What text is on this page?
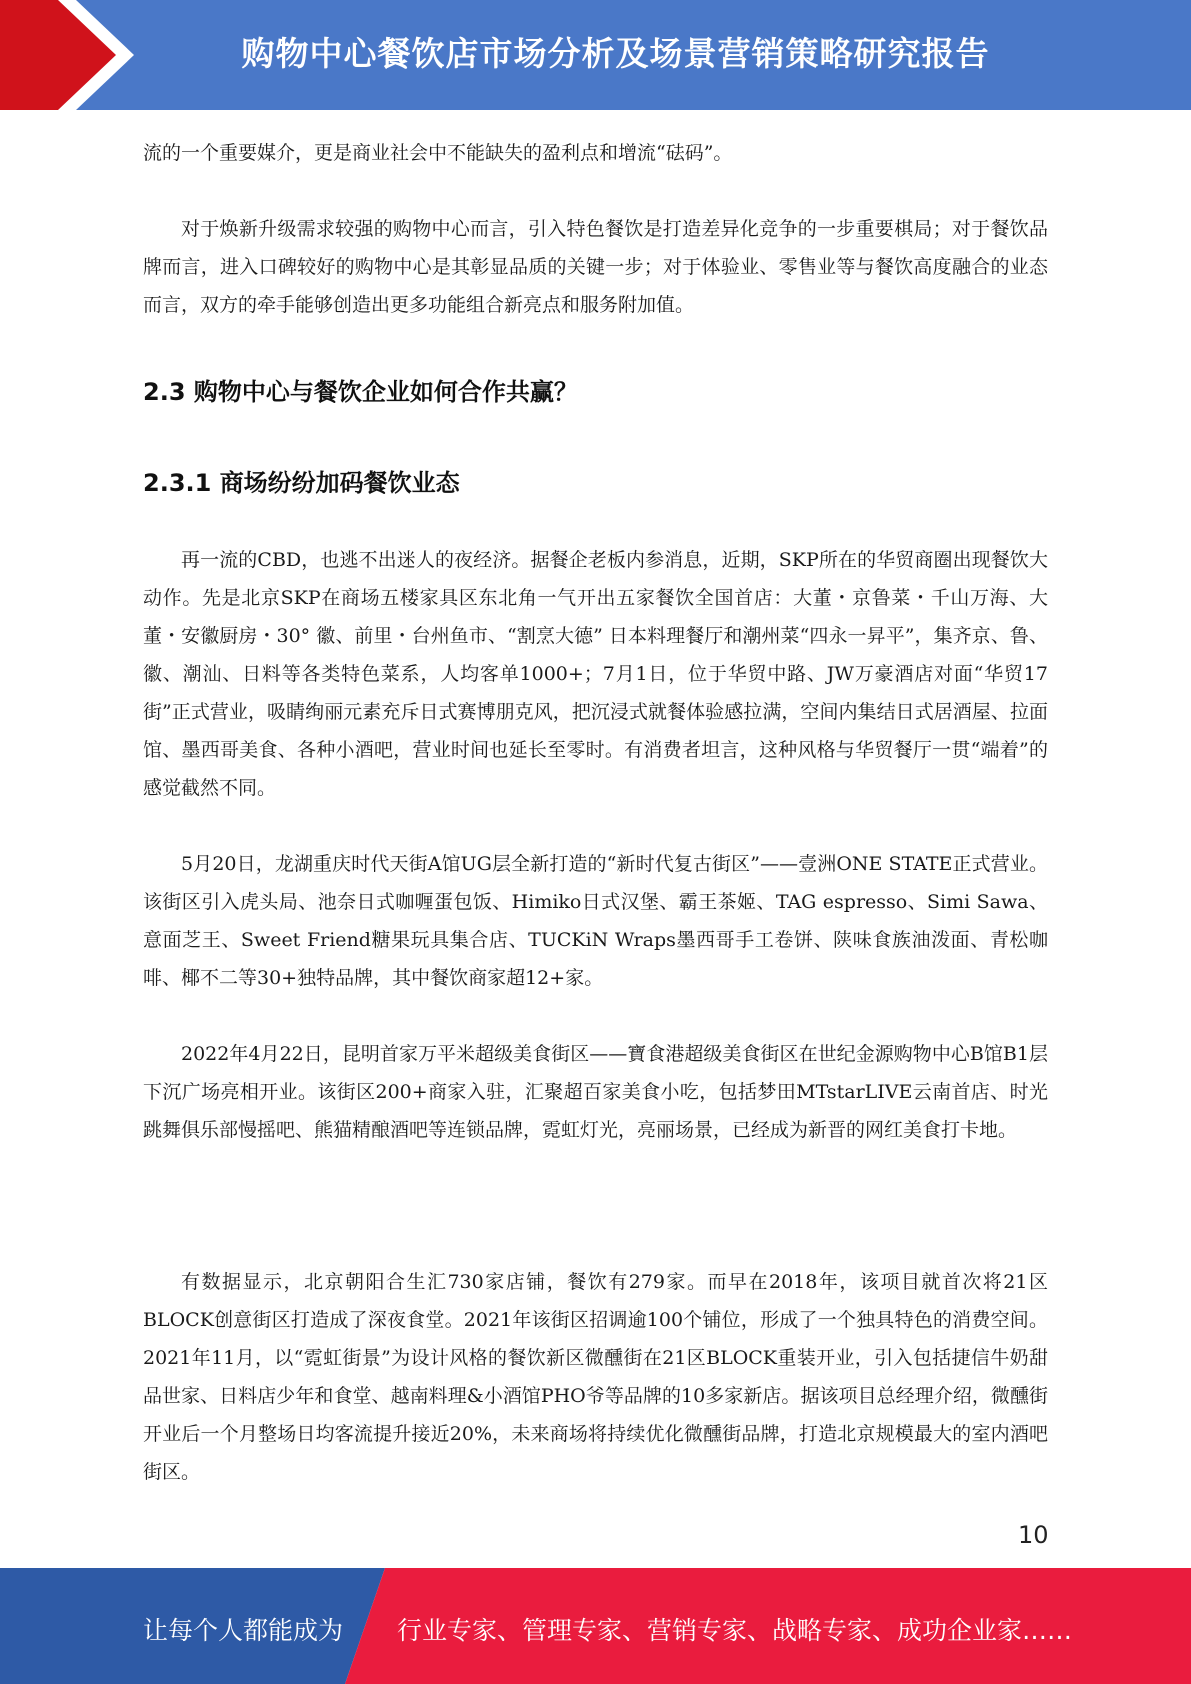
购物中心餐饮店市场分析及场景营销策略研究报告

流的一个重要媒介，更是商业社会中不能缺失的盈利点和增流“砝码”。

对于焕新升级需求较强的购物中心而言，引入特色餐饮是打造差异化竞争的一步重要棋局；对于餐饮品牌而言，进入口碑较好的购物中心是其彰显品质的关键一步；对于体验业、零售业等与餐饮高度融合的业态而言，双方的牵手能够创造出更多功能组合新亮点和服务附加值。

2.3 购物中心与餐饮企业如何合作共赢？
2.3.1 商场纷纷加码餐饮业态

再一流的CBD，也逃不出迷人的夜经济。据餐企老板内参消息，近期，SKP所在的华贸商圈出现餐饮大动作。先是北京SKP在商场五楼家具区东北角一气开出五家餐饮全国首店：大董・京鲁菜・千山万海、大董・安徽厨房・30° 徽、前里・台州鱼市、“割烹大德” 日本料理餐厅和潮州菜“四永一昇平”，集齐京、鲁、徽、潮汕、日料等各类特色菜系，人均客单1000+；7月1日，位于华贸中路、JW万豪酒店对面“华贸17街”正式营业，吸睛绚丽元素充斥日式赛博朋克风，把沉浸式就餐体验感拉满，空间内集结日式居酒屋、拉面馆、墨西哥美食、各种小酒吧，营业时间也延长至零时。有消费者坦言，这种风格与华贸餐厅一贯“端着”的感觉截然不同。

5月20日，龙湖重庆时代天街A馆UG层全新打造的“新时代复古街区”——壹洲ONE STATE正式营业。该街区引入虎头局、池奈日式咖喱蛋包饭、Himiko日式汉堡、霸王茶姬、TAG espresso、Simi Sawa、意面芝王、Sweet Friend糖果玩具集合店、TUCKiN Wraps墨西哥手工卷饼、陕味食族油泼面、青松咖啡、椰不二等30+独特品牌，其中餐饮商家超12+家。

2022年4月22日，昆明首家万平米超级美食街区——寶食港超级美食街区在世纪金源购物中心B馆B1层下沉广场亮相开业。该街区200+商家入驻，汇聚超百家美食小吃，包括梦田MTstarLIVE云南首店、时光跳舞俱乐部慢摇吧、熊猫精酿酒吧等连锁品牌，霓虹灯光，亮丽场景，已经成为新晋的网红美食打卡地。

有数据显示，北京朝阳合生汇730家店铺，餐饮有279家。而早在2018年，该项目就首次将21区BLOCK创意街区打造成了深夜食堂。2021年该街区招调逾100个铺位，形成了一个独具特色的消费空间。2021年11月，以“霓虹街景”为设计风格的餐饮新区微醺街在21区BLOCK重装开业，引入包括捷信牛奶甜品世家、日料店少年和食堂、越南料理&小酒馆PHO爷等品牌的10多家新店。据该项目总经理介绍，微醺街开业后一个月整场日均客流提升接近20%，未来商场将持续优化微醺街品牌，打造北京规模最大的室内酒吧街区。

10
让每个人都能成为 行业专家、管理专家、营销专家、战略专家、成功企业家……
